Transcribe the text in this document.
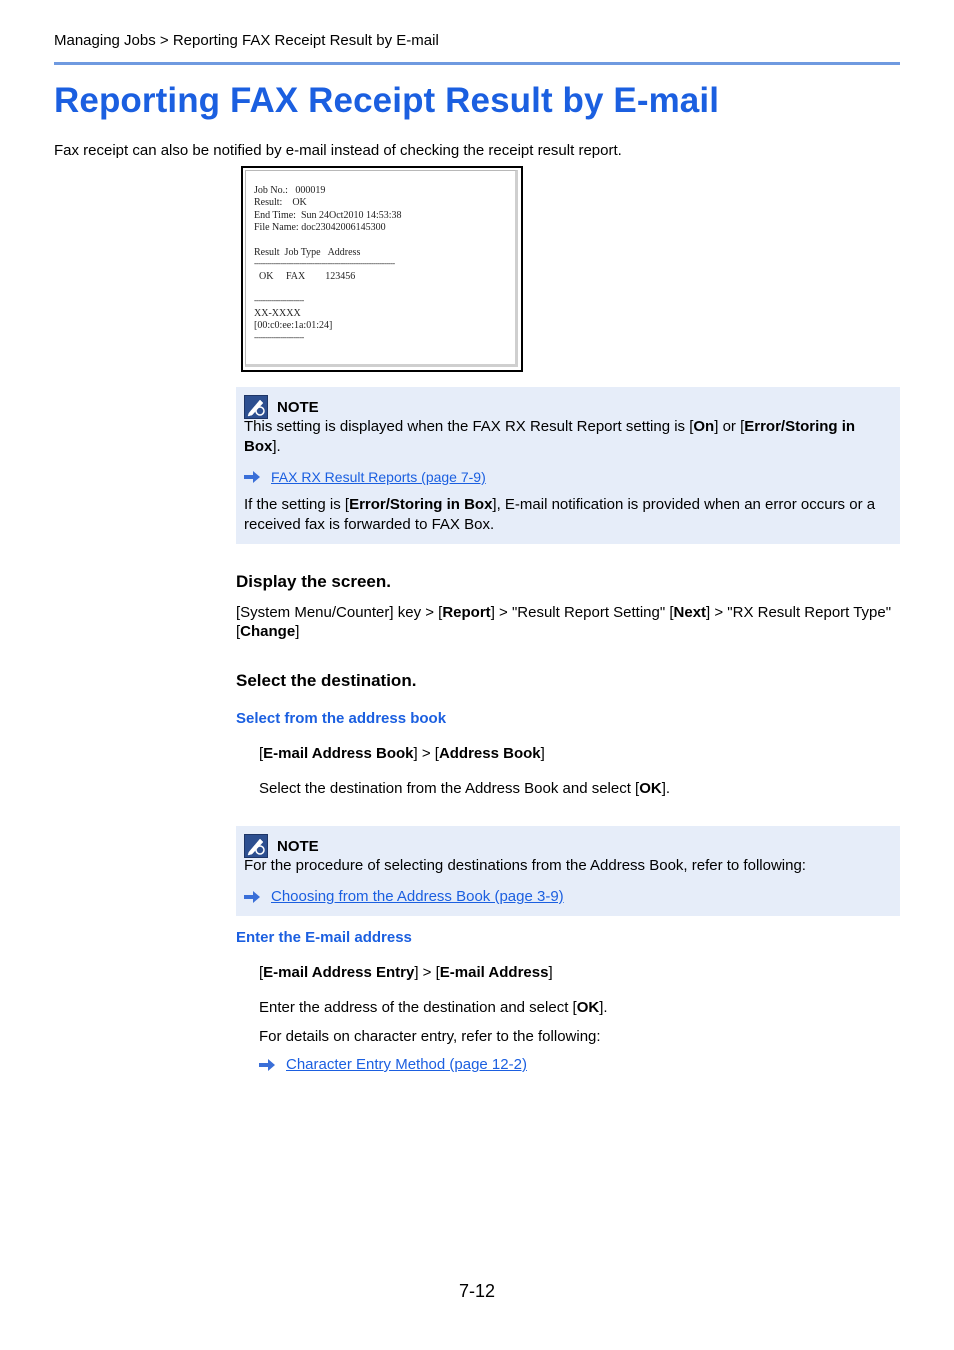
Managing Jobs > Reporting FAX Receipt Result by E-mail
Reporting FAX Receipt Result by E-mail
Fax receipt can also be notified by e-mail instead of checking the receipt result report.
Job No.:   000019
Result:    OK
End Time:  Sun 24Oct2010 14:53:38
File Name: doc23042006145300
Result  Job Type   Address
-----------------------------------------------------------------
OK     FAX        123456
-----------------------
XX-XXXX
[00:c0:ee:1a:01:24]
-----------------------
NOTE
This setting is displayed when the FAX RX Result Report setting is [On] or [Error/Storing in Box].
FAX RX Result Reports (page 7-9)
If the setting is [Error/Storing in Box], E-mail notification is provided when an error occurs or a received fax is forwarded to FAX Box.
Display the screen.
[System Menu/Counter] key > [Report] > "Result Report Setting" [Next] > "RX Result Report Type" [Change]
Select the destination.
Select from the address book
[E-mail Address Book] > [Address Book]
Select the destination from the Address Book and select [OK].
NOTE
For the procedure of selecting destinations from the Address Book, refer to following:
Choosing from the Address Book (page 3-9)
Enter the E-mail address
[E-mail Address Entry] > [E-mail Address]
Enter the address of the destination and select [OK].
For details on character entry, refer to the following:
Character Entry Method (page 12-2)
7-12
